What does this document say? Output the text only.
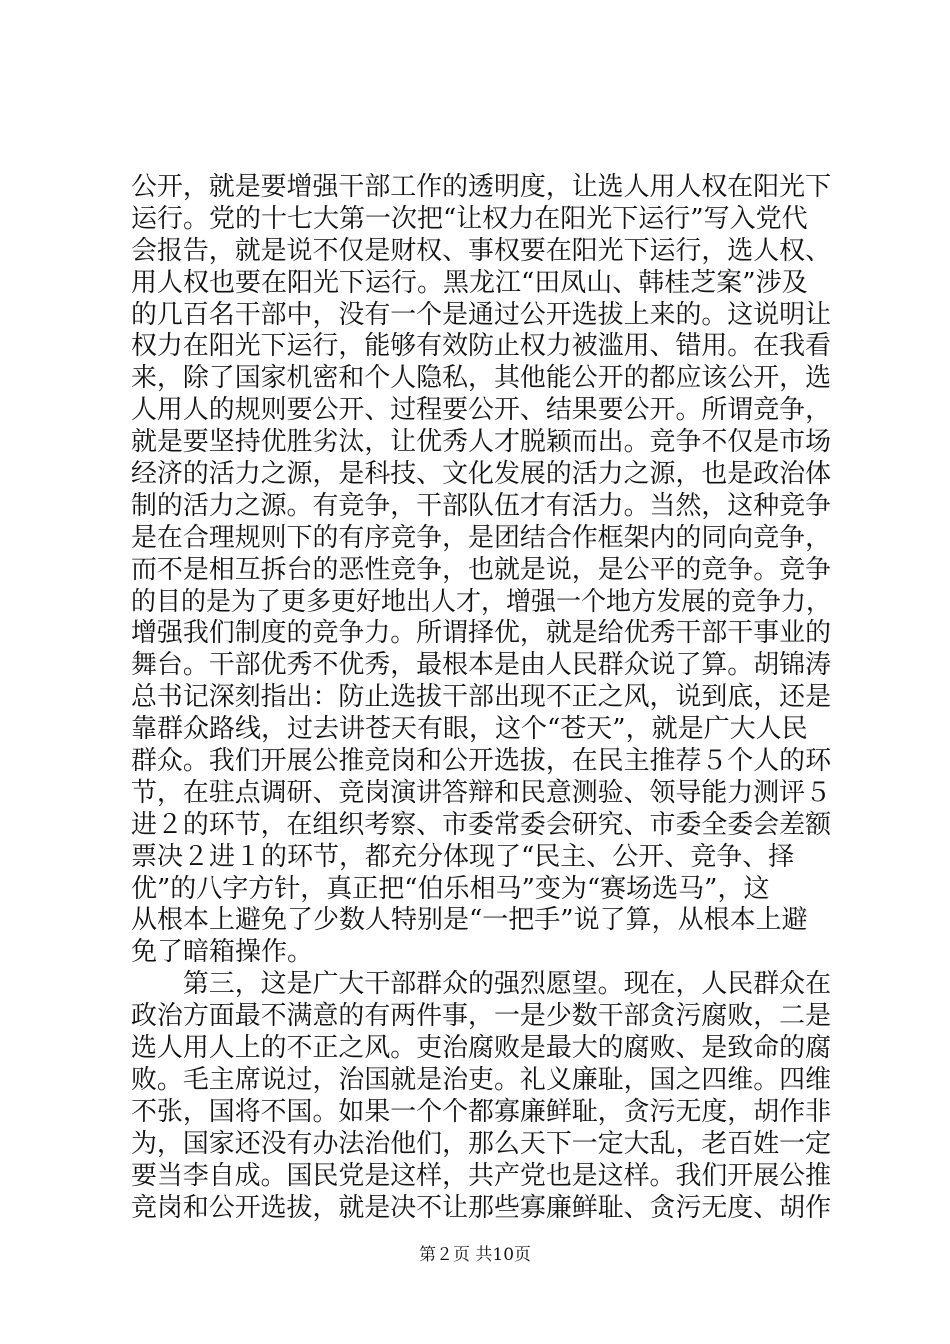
公开，就是要增强干部工作的透明度，让选人用人权在阳光下
运行。党的十七大第一次把“让权力在阳光下运行”写入党代
会报告，就是说不仅是财权、事权要在阳光下运行，选人权、
用人权也要在阳光下运行。黑龙江“田凤山、韩桂芝案”涉及
的几百名干部中，没有一个是通过公开选拔上来的。这说明让
权力在阳光下运行，能够有效防止权力被滥用、错用。在我看
来，除了国家机密和个人隐私，其他能公开的都应该公开，选
人用人的规则要公开、过程要公开、结果要公开。所谓竞争，
就是要坚持优胜劣汰，让优秀人才脱颖而出。竞争不仅是市场
经济的活力之源，是科技、文化发展的活力之源，也是政治体
制的活力之源。有竞争，干部队伍才有活力。当然，这种竞争
是在合理规则下的有序竞争，是团结合作框架内的同向竞争，
而不是相互拆台的恶性竞争，也就是说，是公平的竞争。竞争
的目的是为了更多更好地出人才，增强一个地方发展的竞争力，
增强我们制度的竞争力。所谓择优，就是给优秀干部干事业的
舞台。干部优秀不优秀，最根本是由人民群众说了算。胡锦涛
总书记深刻指出：防止选拔干部出现不正之风，说到底，还是
靠群众路线，过去讲苍天有眼，这个“苍天”，就是广大人民
群众。我们开展公推竞岗和公开选拔，在民主推荐５个人的环
节，在驻点调研、竞岗演讲答辩和民意测验、领导能力测评５
进２的环节，在组织考察、市委常委会研究、市委全委会差额
票决２进１的环节，都充分体现了“民主、公开、竞争、择
优”的八字方针，真正把“伯乐相马”变为“赛场选马”，这
从根本上避免了少数人特别是“一把手”说了算，从根本上避
免了暗箱操作。
　　第三，这是广大干部群众的强烈愿望。现在，人民群众在
政治方面最不满意的有两件事，一是少数干部贪污腐败，二是
选人用人上的不正之风。吏治腐败是最大的腐败、是致命的腐
败。毛主席说过，治国就是治吏。礼义廉耻，国之四维。四维
不张，国将不国。如果一个个都寡廉鲜耻，贪污无度，胡作非
为，国家还没有办法治他们，那么天下一定大乱，老百姓一定
要当李自成。国民党是这样，共产党也是这样。我们开展公推
竞岗和公开选拔，就是决不让那些寡廉鲜耻、贪污无度、胡作
第２页 共10页
